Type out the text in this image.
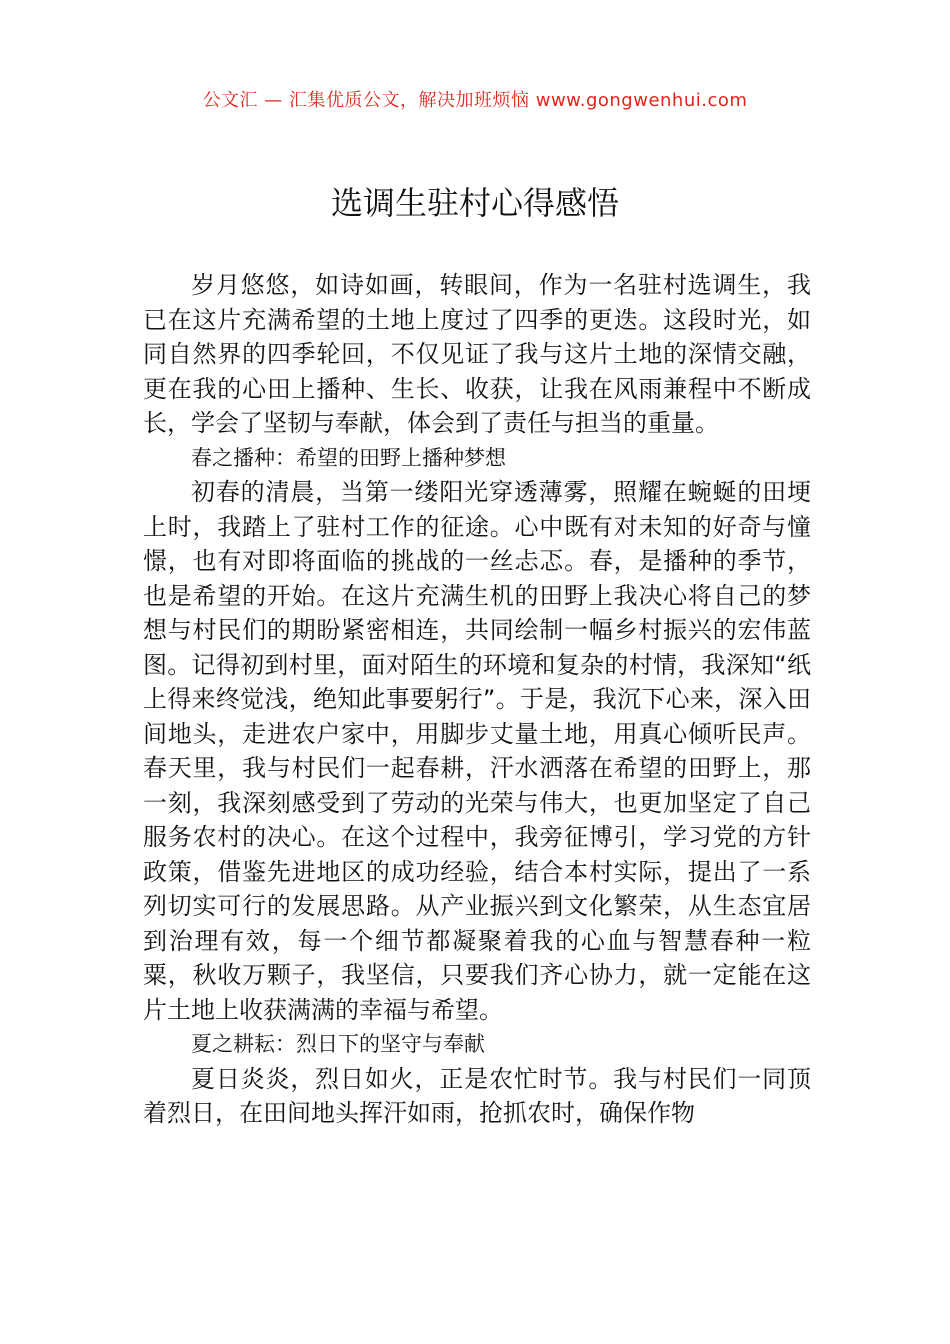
公文汇 — 汇集优质公文，解决加班烦恼 www.gongwenhui.com
选调生驻村心得感悟

岁月悠悠，如诗如画，转眼间，作为一名驻村选调生，我已在这片充满希望的土地上度过了四季的更迭。这段时光，如同自然界的四季轮回，不仅见证了我与这片土地的深情交融，更在我的心田上播种、生长、收获，让我在风雨兼程中不断成长，学会了坚韧与奉献，体会到了责任与担当的重量。

春之播种：希望的田野上播种梦想

初春的清晨，当第一缕阳光穿透薄雾，照耀在蜿蜒的田埂上时，我踏上了驻村工作的征途。心中既有对未知的好奇与憧憬，也有对即将面临的挑战的一丝忐忑。春，是播种的季节，也是希望的开始。在这片充满生机的田野上我决心将自己的梦想与村民们的期盼紧密相连，共同绘制一幅乡村振兴的宏伟蓝图。记得初到村里，面对陌生的环境和复杂的村情，我深知“纸上得来终觉浅，绝知此事要躬行”。于是，我沉下心来，深入田间地头，走进农户家中，用脚步丈量土地，用真心倾听民声。春天里，我与村民们一起春耕，汗水洒落在希望的田野上，那一刻，我深刻感受到了劳动的光荣与伟大，也更加坚定了自己服务农村的决心。在这个过程中，我旁征博引，学习党的方针政策，借鉴先进地区的成功经验，结合本村实际，提出了一系列切实可行的发展思路。从产业振兴到文化繁荣，从生态宜居到治理有效，每一个细节都凝聚着我的心血与智慧春种一粒粟，秋收万颗子，我坚信，只要我们齐心协力，就一定能在这片土地上收获满满的幸福与希望。

夏之耕耘：烈日下的坚守与奉献

夏日炎炎，烈日如火，正是农忙时节。我与村民们一同顶着烈日，在田间地头挥汗如雨，抢抓农时，确保作物
